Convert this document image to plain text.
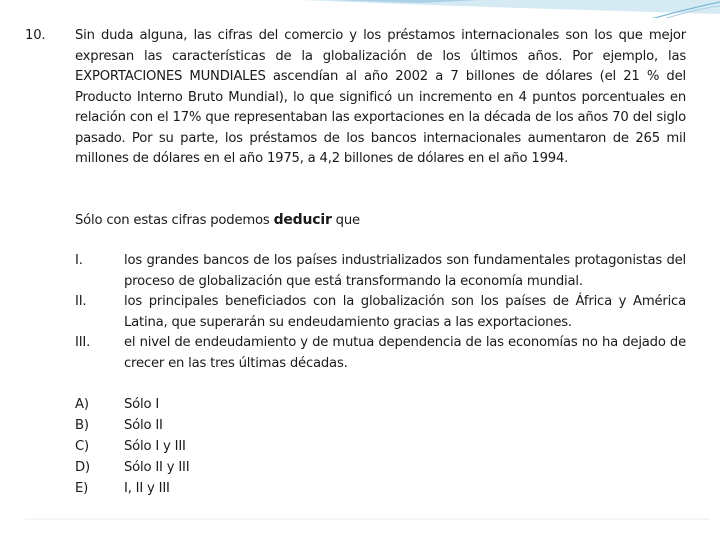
10. Sin duda alguna, las cifras del comercio y los préstamos internacionales son los que mejor expresan las características de la globalización de los últimos años. Por ejemplo, las EXPORTACIONES MUNDIALES ascendían al año 2002 a 7 billones de dólares (el 21 % del Producto Interno Bruto Mundial), lo que significó un incremento en 4 puntos porcentuales en relación con el 17% que representaban las exportaciones en la década de los años 70 del siglo pasado. Por su parte, los préstamos de los bancos internacionales aumentaron de 265 mil millones de dólares en el año 1975, a 4,2 billones de dólares en el año 1994.
Sólo con estas cifras podemos deducir que
I.	los grandes bancos de los países industrializados son fundamentales protagonistas del proceso de globalización que está transformando la economía mundial.
II.	los principales beneficiados con la globalización son los países de África y América Latina, que superarán su endeudamiento gracias a las exportaciones.
III.	el nivel de endeudamiento y de mutua dependencia de las economías no ha dejado de crecer en las tres últimas décadas.
A)	Sólo I
B)	Sólo II
C)	Sólo I y III
D)	Sólo II y III
E)	I, II y III
